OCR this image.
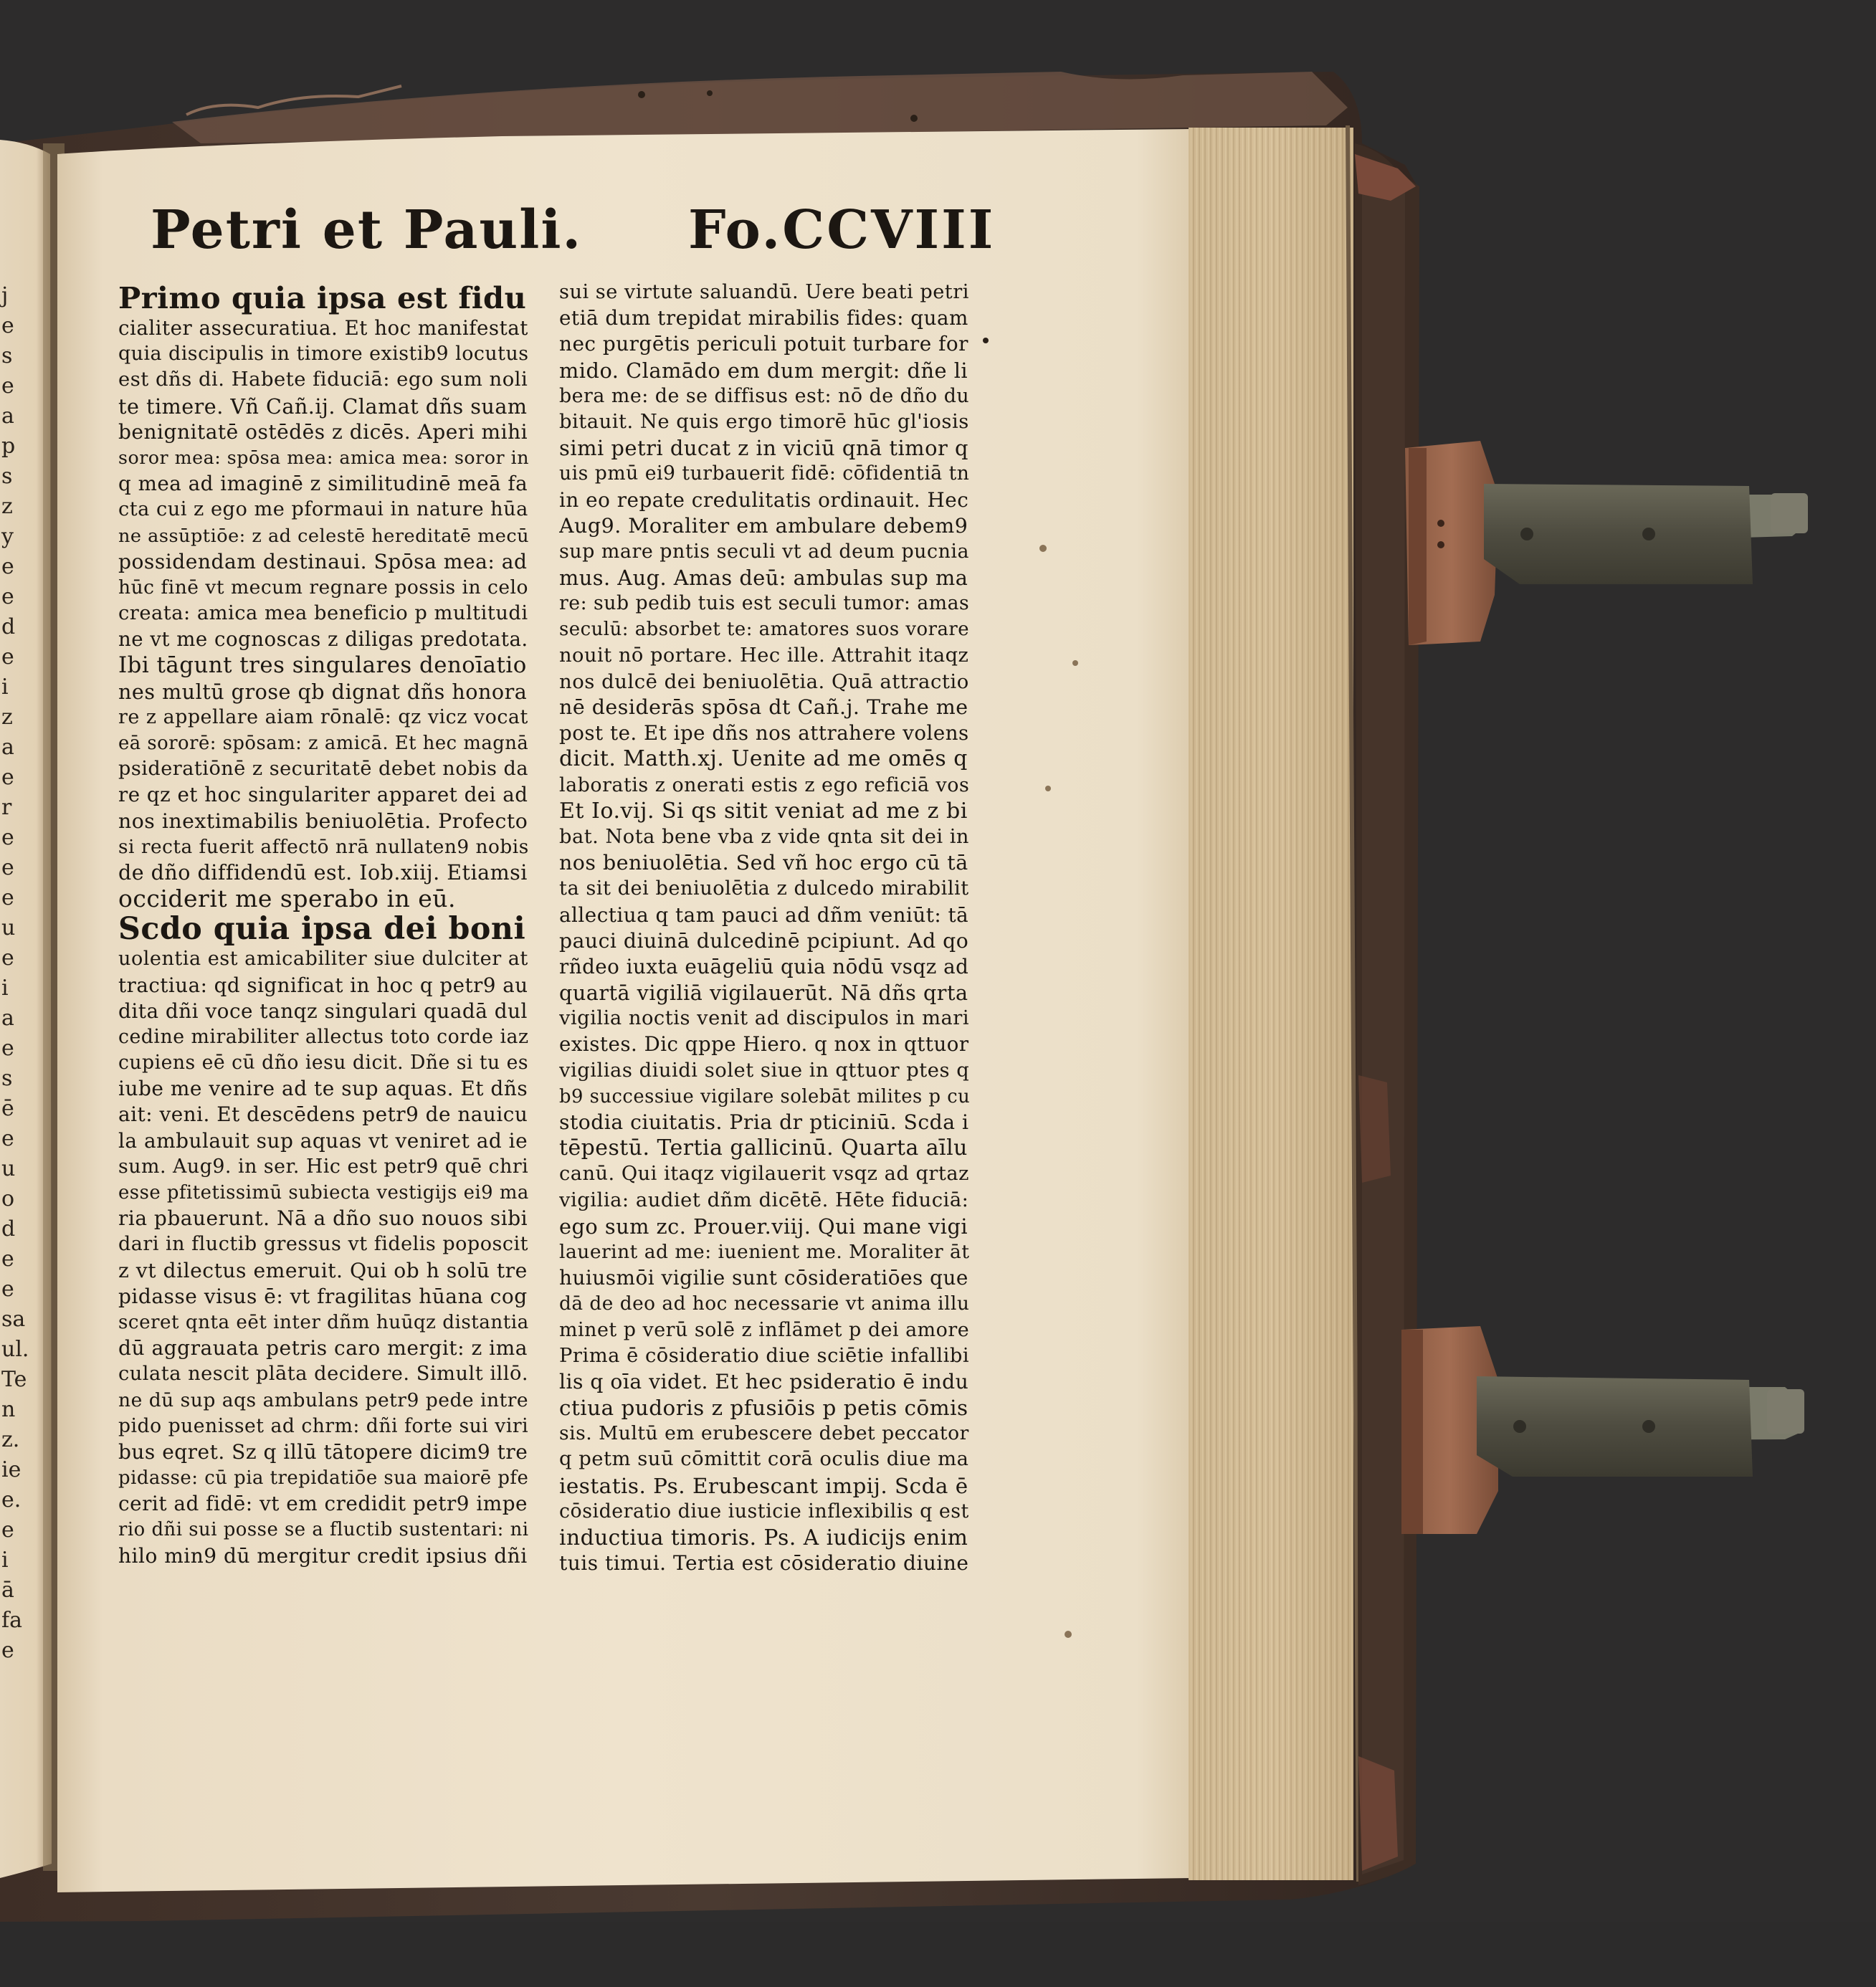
Petri et Pauli. Fo.CCVIII
j
e
s
e
a
p
s
z
y
e
e
d
e
i
z
a
e
r
e
e
e
u
e
i
a
e
s
ē
e
u
o
d
e
e
sa
ul.
Te
n
z.
ie
e.
e
i
ā
fa
e
Primo quia ipsa est fidu
cialiter assecuratiua. Et hoc manifestat
quia discipulis in timore existib9 locutus
est dñs di. Habete fiduciā: ego sum noli
te timere. Vñ Cañ.ij. Clamat dñs suam
benignitatē ostēdēs z dicēs. Aperi mihi
soror mea: spōsa mea: amica mea: soror in
q mea ad imaginē z similitudinē meā fa
cta cui z ego me pformaui in nature hūa
ne assūptiōe: z ad celestē hereditatē mecū
possidendam destinaui. Spōsa mea: ad
hūc finē vt mecum regnare possis in celo
creata: amica mea beneficio p multitudi
ne vt me cognoscas z diligas predotata.
Ibi tāgunt tres singulares denoīatio
nes multū grose qb dignat dñs honora
re z appellare aiam rōnalē: qz vicz vocat
eā sororē: spōsam: z amicā. Et hec magnā
psideratiōnē z securitatē debet nobis da
re qz et hoc singulariter apparet dei ad
nos inextimabilis beniuolētia. Profecto
si recta fuerit affectō nrā nullaten9 nobis
de dño diffidendū est. Iob.xiij. Etiamsi
occiderit me sperabo in eū.
Scdo quia ipsa dei boni
uolentia est amicabiliter siue dulciter at
tractiua: qd significat in hoc q petr9 au
dita dñi voce tanqz singulari quadā dul
cedine mirabiliter allectus toto corde iaz
cupiens eē cū dño iesu dicit. Dñe si tu es
iube me venire ad te sup aquas. Et dñs
ait: veni. Et descēdens petr9 de nauicu
la ambulauit sup aquas vt veniret ad ie
sum. Aug9. in ser. Hic est petr9 quē chri
esse pfitetissimū subiecta vestigijs ei9 ma
ria pbauerunt. Nā a dño suo nouos sibi
dari in fluctib gressus vt fidelis poposcit
z vt dilectus emeruit. Qui ob h solū tre
pidasse visus ē: vt fragilitas hūana cog
sceret qnta eēt inter dñm huūqz distantia
dū aggrauata petris caro mergit: z ima
culata nescit plāta decidere. Simult illō.
ne dū sup aqs ambulans petr9 pede intre
pido puenisset ad chrm: dñi forte sui viri
bus eqret. Sz q illū tātopere dicim9 tre
pidasse: cū pia trepidatiōe sua maiorē pfe
cerit ad fidē: vt em credidit petr9 impe
rio dñi sui posse se a fluctib sustentari: ni
hilo min9 dū mergitur credit ipsius dñi
sui se virtute saluandū. Uere beati petri
etiā dum trepidat mirabilis fides: quam
nec purgētis periculi potuit turbare for
mido. Clamādo em dum mergit: dñe li
bera me: de se diffisus est: nō de dño du
bitauit. Ne quis ergo timorē hūc gl'iosis
simi petri ducat z in viciū qnā timor q
uis pmū ei9 turbauerit fidē: cōfidentiā tn
in eo repate credulitatis ordinauit. Hec
Aug9. Moraliter em ambulare debem9
sup mare pntis seculi vt ad deum pucnia
mus. Aug. Amas deū: ambulas sup ma
re: sub pedib tuis est seculi tumor: amas
seculū: absorbet te: amatores suos vorare
nouit nō portare. Hec ille. Attrahit itaqz
nos dulcē dei beniuolētia. Quā attractio
nē desiderās spōsa dt Cañ.j. Trahe me
post te. Et ipe dñs nos attrahere volens
dicit. Matth.xj. Uenite ad me omēs q
laboratis z onerati estis z ego reficiā vos
Et Io.vij. Si qs sitit veniat ad me z bi
bat. Nota bene vba z vide qnta sit dei in
nos beniuolētia. Sed vñ hoc ergo cū tā
ta sit dei beniuolētia z dulcedo mirabilit
allectiua q tam pauci ad dñm veniūt: tā
pauci diuinā dulcedinē pcipiunt. Ad qo
rñdeo iuxta euāgeliū quia nōdū vsqz ad
quartā vigiliā vigilauerūt. Nā dñs qrta
vigilia noctis venit ad discipulos in mari
existes. Dic qppe Hiero. q nox in qttuor
vigilias diuidi solet siue in qttuor ptes q
b9 successiue vigilare solebāt milites p cu
stodia ciuitatis. Pria dr pticiniū. Scda i
tēpestū. Tertia gallicinū. Quarta aīlu
canū. Qui itaqz vigilauerit vsqz ad qrtaz
vigilia: audiet dñm dicētē. Hēte fiduciā:
ego sum zc. Prouer.viij. Qui mane vigi
lauerint ad me: iuenient me. Moraliter āt
huiusmōi vigilie sunt cōsideratiōes que
dā de deo ad hoc necessarie vt anima illu
minet p verū solē z inflāmet p dei amore
Prima ē cōsideratio diue sciētie infallibi
lis q oīa videt. Et hec psideratio ē indu
ctiua pudoris z pfusiōis p petis cōmis
sis. Multū em erubescere debet peccator
q petm suū cōmittit corā oculis diue ma
iestatis. Ps. Erubescant impij. Scda ē
cōsideratio diue iusticie inflexibilis q est
inductiua timoris. Ps. A iudicijs enim
tuis timui. Tertia est cōsideratio diuine
